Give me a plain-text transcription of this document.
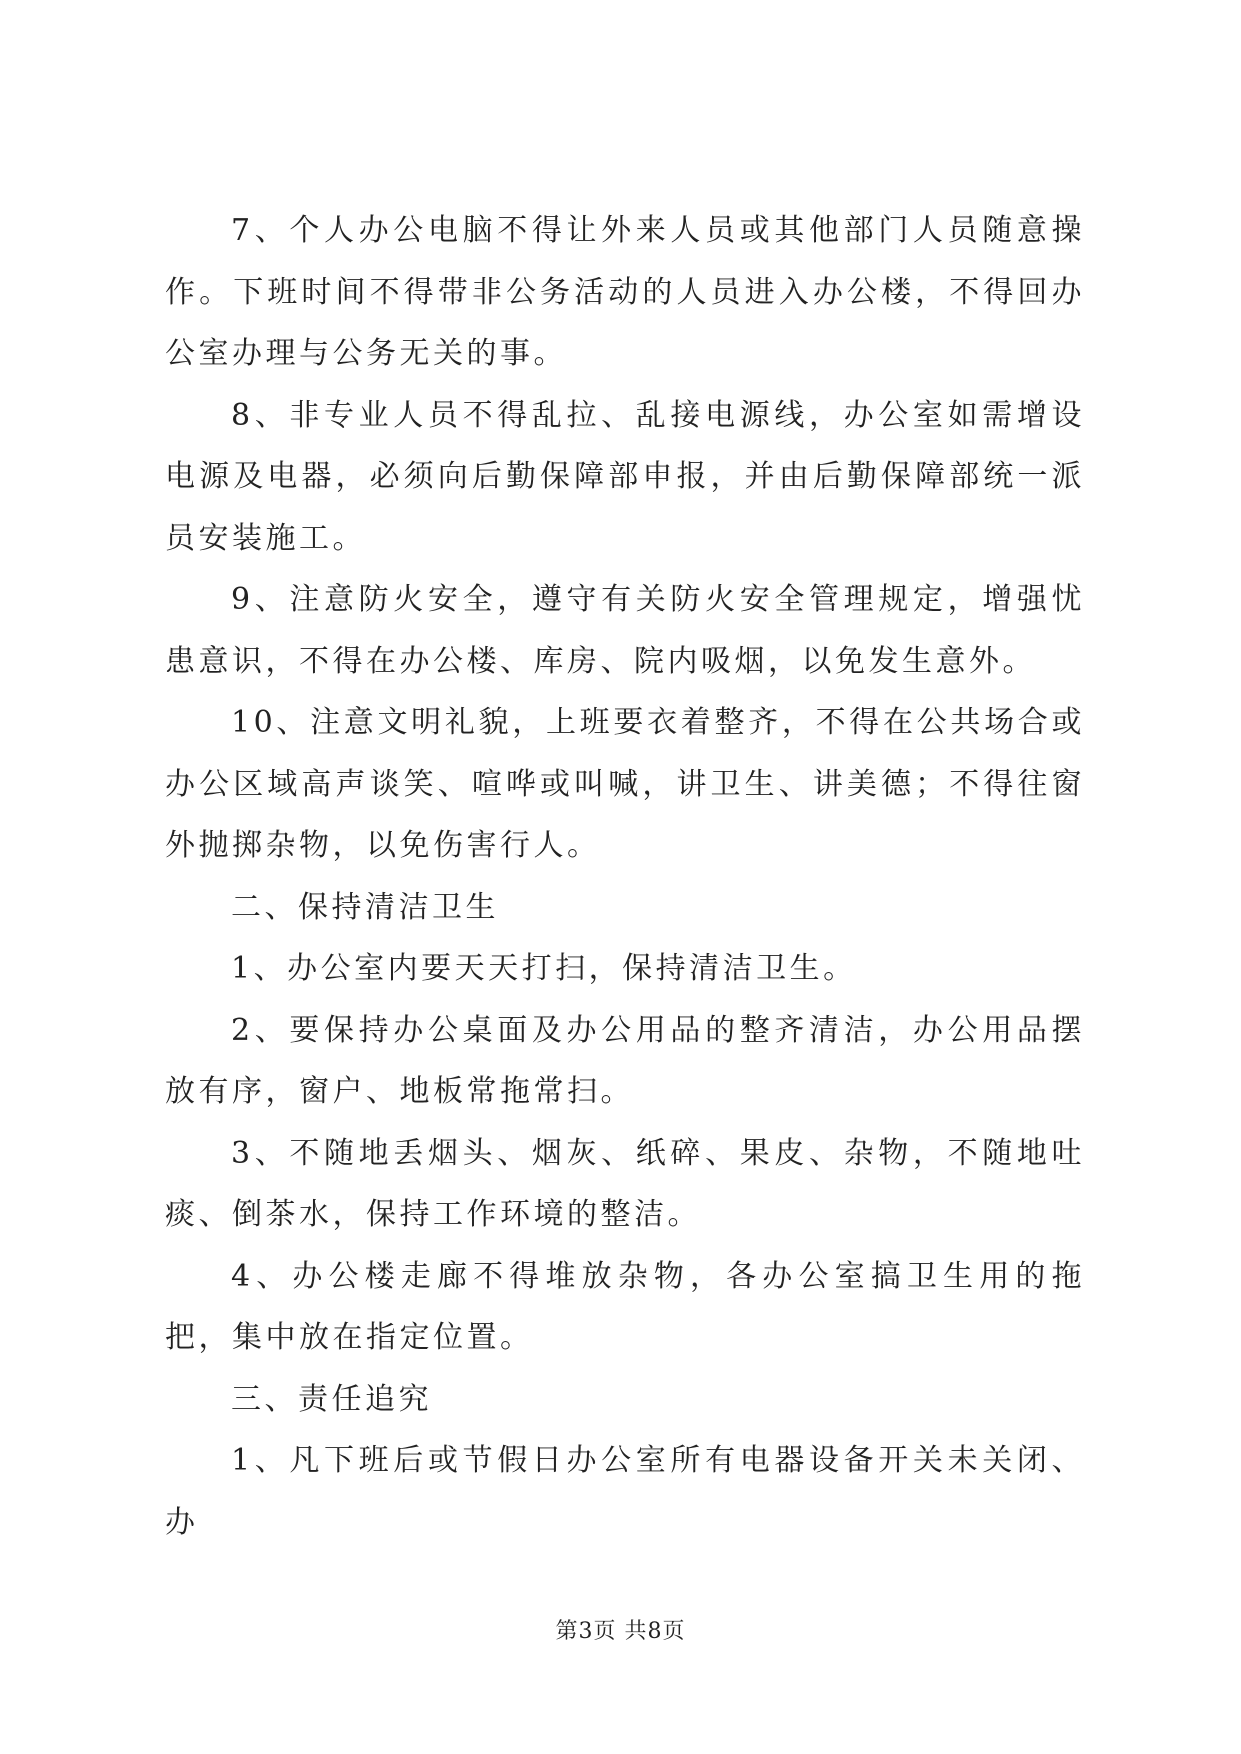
7、个人办公电脑不得让外来人员或其他部门人员随意操作。下班时间不得带非公务活动的人员进入办公楼，不得回办公室办理与公务无关的事。

8、非专业人员不得乱拉、乱接电源线，办公室如需增设电源及电器，必须向后勤保障部申报，并由后勤保障部统一派员安装施工。

9、注意防火安全，遵守有关防火安全管理规定，增强忧患意识，不得在办公楼、库房、院内吸烟，以免发生意外。

10、注意文明礼貌，上班要衣着整齐，不得在公共场合或办公区域高声谈笑、喧哗或叫喊，讲卫生、讲美德；不得往窗外抛掷杂物，以免伤害行人。

二、保持清洁卫生

1、办公室内要天天打扫，保持清洁卫生。

2、要保持办公桌面及办公用品的整齐清洁，办公用品摆放有序，窗户、地板常拖常扫。

3、不随地丢烟头、烟灰、纸碎、果皮、杂物，不随地吐痰、倒茶水，保持工作环境的整洁。

4、办公楼走廊不得堆放杂物，各办公室搞卫生用的拖把，集中放在指定位置。

三、责任追究

1、凡下班后或节假日办公室所有电器设备开关未关闭、办

第3页 共8页
